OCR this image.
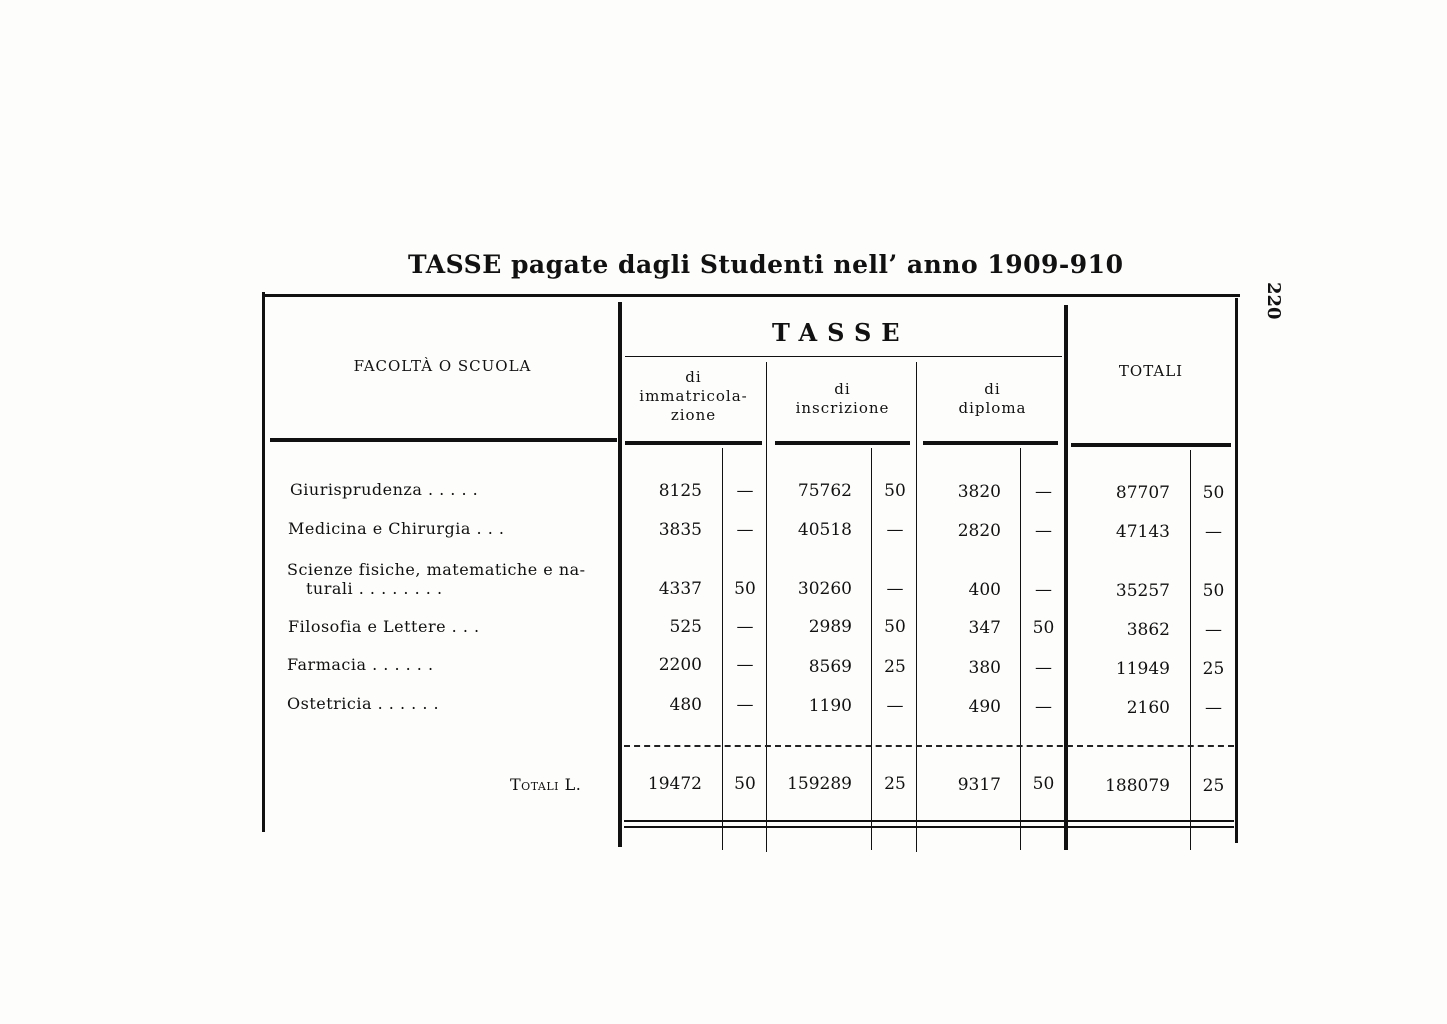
TASSE pagate dagli Studenti nell’ anno 1909-910
220
FACOLTÀ O SCUOLA
TASSE
di
immatricola-
zione
di
inscrizione
di
diploma
TOTALI
Giurisprudenza . . . . .	8125	—	75762	50	3820	—	87707	50
Medicina e Chirurgia . . .	3835	—	40518	—	2820	—	47143	—
Scienze fisiche, matematiche e na-
turali . . . . . . . .	4337	50	30260	—	400	—	35257	50
Filosofia e Lettere . . .	525	—	2989	50	347	50	3862	—
Farmacia . . . . . .	2200	—	8569	25	380	—	11949	25
Ostetricia . . . . . .	480	—	1190	—	490	—	2160	—
Totali L.	19472	50	159289	25	9317	50	188079	25
